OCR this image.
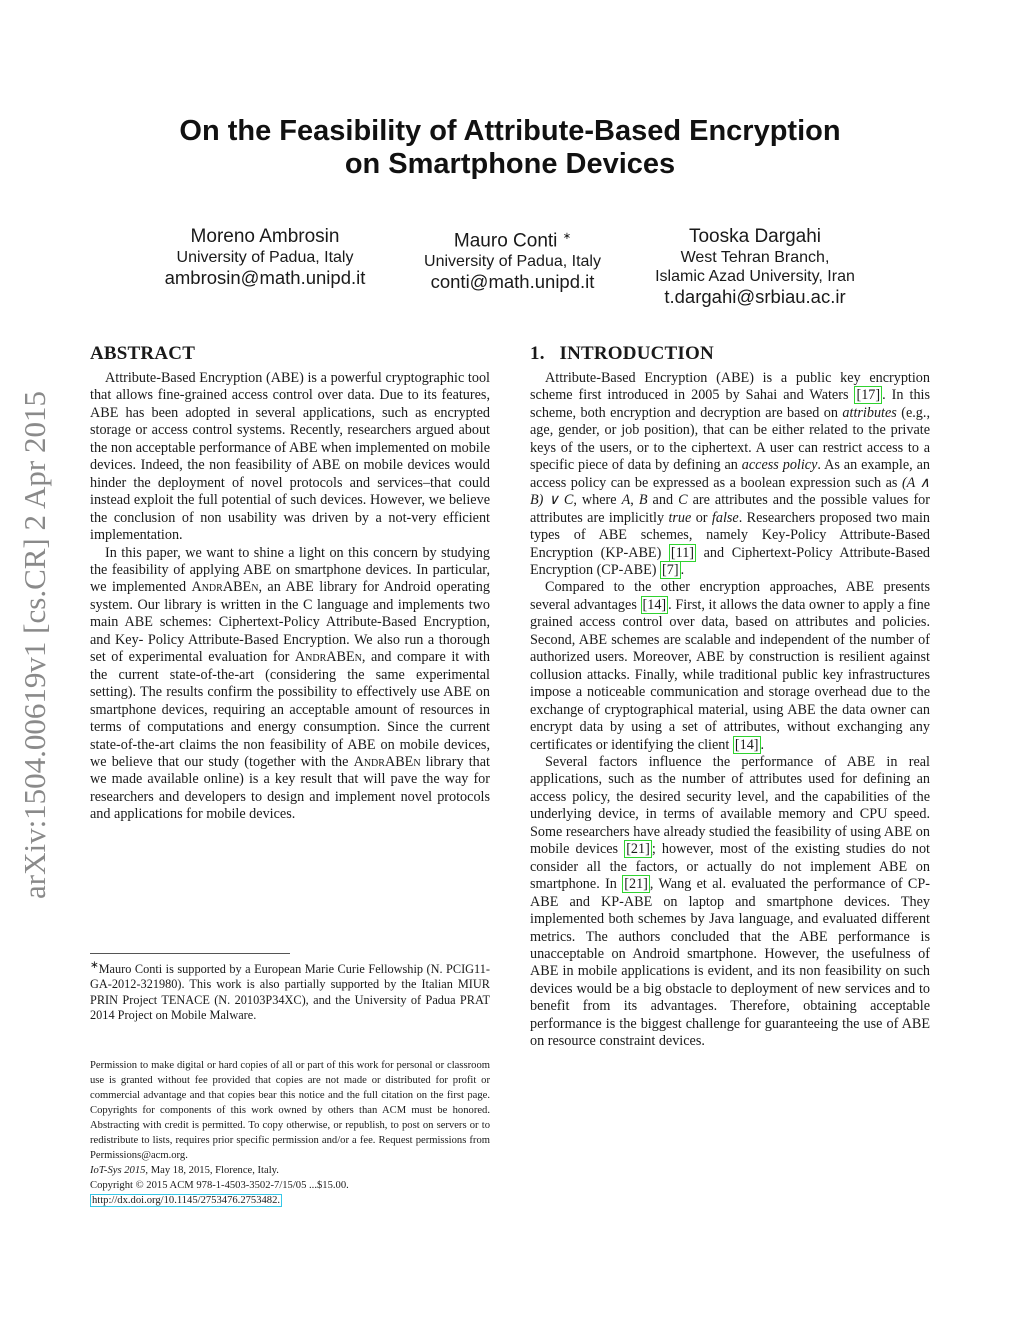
arXiv:1504.00619v1 [cs.CR] 2 Apr 2015
On the Feasibility of Attribute-Based Encryption
on Smartphone Devices
Moreno Ambrosin
University of Padua, Italy
ambrosin@math.unipd.it
Mauro Conti ∗
University of Padua, Italy
conti@math.unipd.it
Tooska Dargahi
West Tehran Branch,
Islamic Azad University, Iran
t.dargahi@srbiau.ac.ir
ABSTRACT

Attribute-Based Encryption (ABE) is a powerful cryptographic tool that allows fine-grained access control over data. Due to its features, ABE has been adopted in several applications, such as encrypted storage or access control systems. Recently, researchers argued about the non acceptable performance of ABE when implemented on mobile devices. Indeed, the non feasibility of ABE on mobile devices would hinder the deployment of novel protocols and services–that could instead exploit the full potential of such devices. However, we believe the conclusion of non usability was driven by a not-very efficient implementation.

In this paper, we want to shine a light on this concern by studying the feasibility of applying ABE on smartphone devices. In particular, we implemented AndrABEn, an ABE library for Android operating system. Our library is written in the C language and implements two main ABE schemes: Ciphertext-Policy Attribute-Based Encryption, and Key- Policy Attribute-Based Encryption. We also run a thorough set of experimental evaluation for AndrABEn, and compare it with the current state-of-the-art (considering the same experimental setting). The results confirm the possibility to effectively use ABE on smartphone devices, requiring an acceptable amount of resources in terms of computations and energy consumption. Since the current state-of-the-art claims the non feasibility of ABE on mobile devices, we believe that our study (together with the AndrABEn library that we made available online) is a key result that will pave the way for researchers and developers to design and implement novel protocols and applications for mobile devices.

∗Mauro Conti is supported by a European Marie Curie Fellowship (N. PCIG11-GA-2012-321980). This work is also partially supported by the Italian MIUR PRIN Project TENACE (N. 20103P34XC), and the University of Padua PRAT 2014 Project on Mobile Malware.

Permission to make digital or hard copies of all or part of this work for personal or classroom use is granted without fee provided that copies are not made or distributed for profit or commercial advantage and that copies bear this notice and the full citation on the first page. Copyrights for components of this work owned by others than ACM must be honored. Abstracting with credit is permitted. To copy otherwise, or republish, to post on servers or to redistribute to lists, requires prior specific permission and/or a fee. Request permissions from Permissions@acm.org.

IoT-Sys 2015, May 18, 2015, Florence, Italy.

Copyright © 2015 ACM 978-1-4503-3502-7/15/05 ...$15.00.

http://dx.doi.org/10.1145/2753476.2753482.

1.   INTRODUCTION

Attribute-Based Encryption (ABE) is a public key encryption scheme first introduced in 2005 by Sahai and Waters [17] . In this scheme, both encryption and decryption are based on attributes (e.g., age, gender, or job position), that can be either related to the private keys of the users, or to the ciphertext. A user can restrict access to a specific piece of data by defining an access policy. As an example, an access policy can be expressed as a boolean expression such as (A ∧ B) ∨ C, where A, B and C are attributes and the possible values for attributes are implicitly true or false. Researchers proposed two main types of ABE schemes, namely Key-Policy Attribute-Based Encryption (KP-ABE) [11] and Ciphertext-Policy Attribute-Based Encryption (CP-ABE) [7] .

Compared to the other encryption approaches, ABE presents several advantages [14] . First, it allows the data owner to apply a fine grained access control over data, based on attributes and policies. Second, ABE schemes are scalable and independent of the number of authorized users. Moreover, ABE by construction is resilient against collusion attacks. Finally, while traditional public key infrastructures impose a noticeable communication and storage overhead due to the exchange of cryptographical material, using ABE the data owner can encrypt data by using a set of attributes, without exchanging any certificates or identifying the client [14] .

Several factors influence the performance of ABE in real applications, such as the number of attributes used for defining an access policy, the desired security level, and the capabilities of the underlying device, in terms of available memory and CPU speed. Some researchers have already studied the feasibility of using ABE on mobile devices [21] ; however, most of the existing studies do not consider all the factors, or actually do not implement ABE on smartphone. In [21] , Wang et al. evaluated the performance of CP-ABE and KP-ABE on laptop and smartphone devices. They implemented both schemes by Java language, and evaluated different metrics. The authors concluded that the ABE performance is unacceptable on Android smartphone. However, the usefulness of ABE in mobile applications is evident, and its non feasibility on such devices would be a big obstacle to deployment of new services and to benefit from its advantages. Therefore, obtaining acceptable performance is the biggest challenge for guaranteeing the use of ABE on resource constraint devices.
